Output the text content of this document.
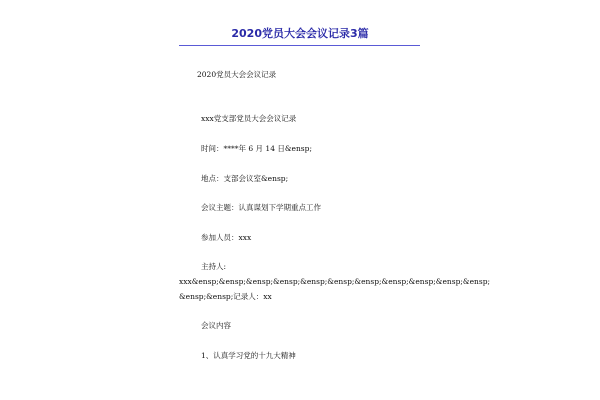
2020党员大会会议记录3篇
2020党员大会会议记录
xxx党支部党员大会会议记录
时间：****年 6 月 14 日&ensp;
地点：支部会议室&ensp;
会议主题：认真谋划下学期重点工作
参加人员：xxx
主持人:
xxx&ensp;&ensp;&ensp;&ensp;&ensp;&ensp;&ensp;&ensp;&ensp;&ensp;&ensp;
&ensp;&ensp;记录人：xx
会议内容
1、认真学习党的十九大精神
